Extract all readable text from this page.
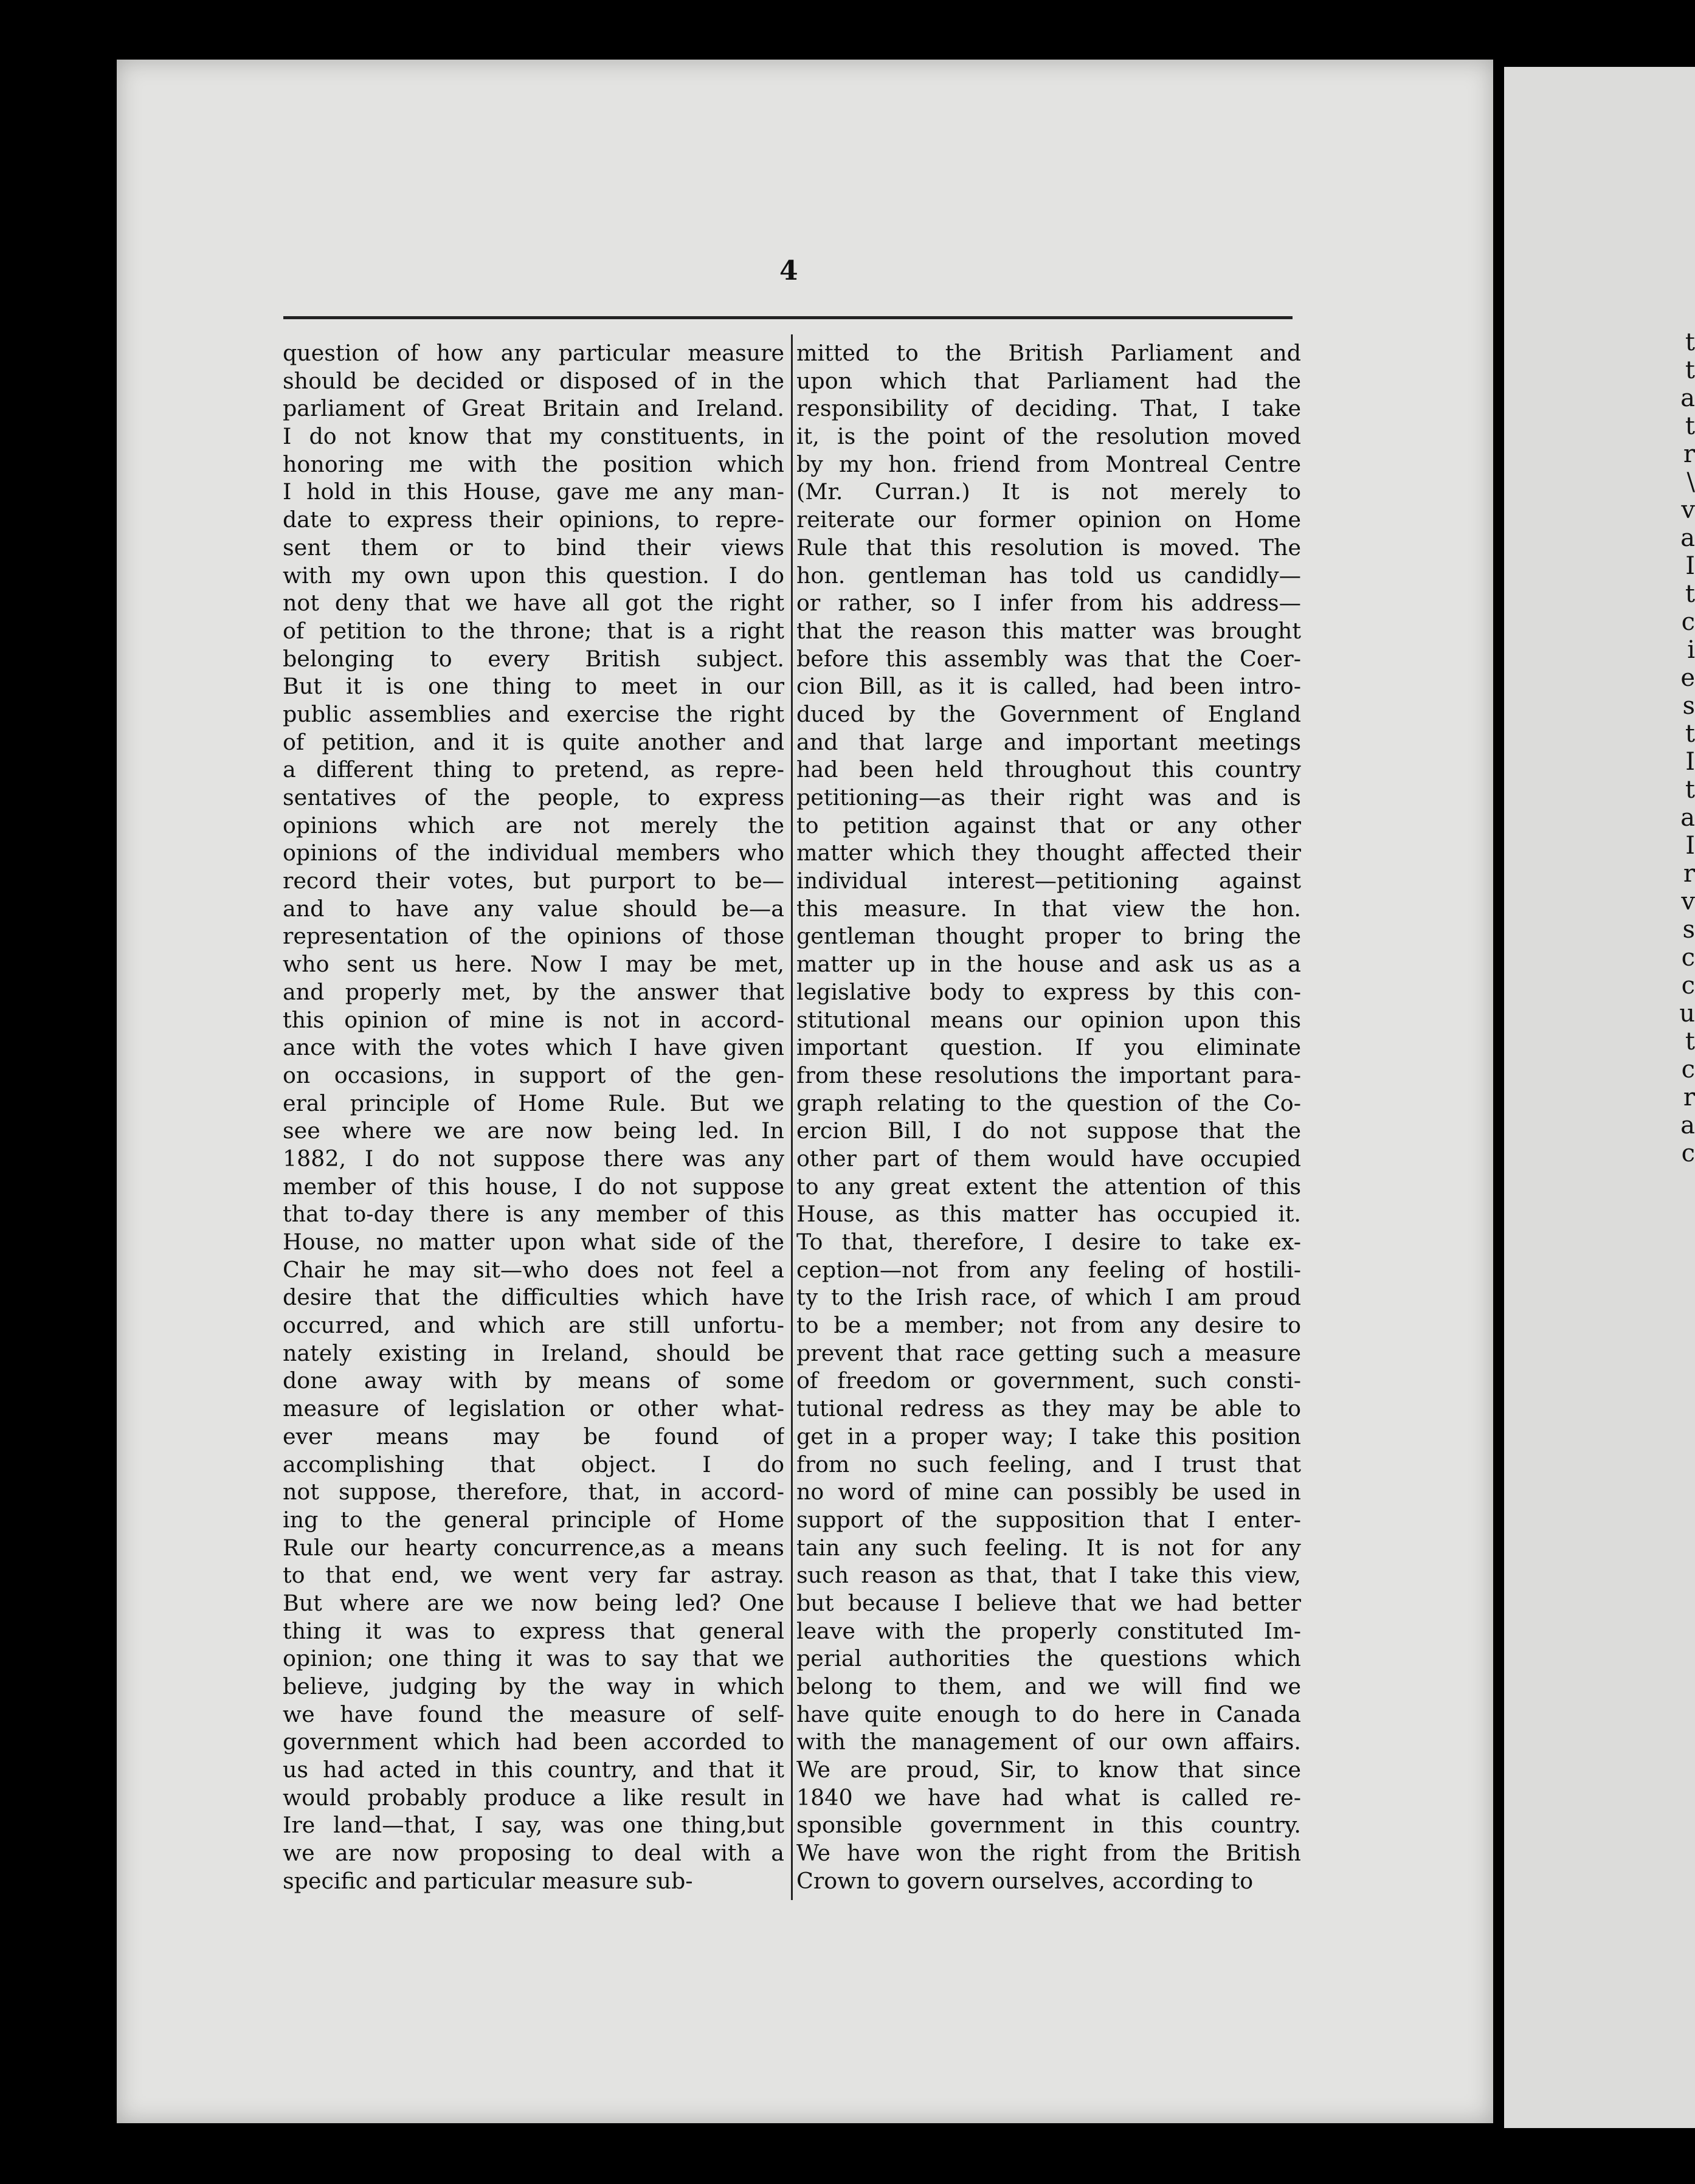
t
t
a
t
r
\
v
a
I
t
c
i
e
s
t
I
t
a
I
r
v
s
c
c
u
t
c
r
a
c
4
question of how any particular measure
should be decided or disposed of in the
parliament of Great Britain and Ireland.
I do not know that my constituents, in
honoring me with the position which
I hold in this House, gave me any man-
date to express their opinions, to repre-
sent them or to bind their views
with my own upon this question. I do
not deny that we have all got the right
of petition to the throne; that is a right
belonging to every British subject.
But it is one thing to meet in our
public assemblies and exercise the right
of petition, and it is quite another and
a different thing to pretend, as repre-
sentatives of the people, to express
opinions which are not merely the
opinions of the individual members who
record their votes, but purport to be—
and to have any value should be—a
representation of the opinions of those
who sent us here. Now I may be met,
and properly met, by the answer that
this opinion of mine is not in accord-
ance with the votes which I have given
on occasions, in support of the gen-
eral principle of Home Rule. But we
see where we are now being led. In
1882, I do not suppose there was any
member of this house, I do not suppose
that to-day there is any member of this
House, no matter upon what side of the
Chair he may sit—who does not feel a
desire that the difficulties which have
occurred, and which are still unfortu-
nately existing in Ireland, should be
done away with by means of some
measure of legislation or other what-
ever means may be found of
accomplishing that object. I do
not suppose, therefore, that, in accord-
ing to the general principle of Home
Rule our hearty concurrence,as a means
to that end, we went very far astray.
But where are we now being led? One
thing it was to express that general
opinion; one thing it was to say that we
believe, judging by the way in which
we have found the measure of self-
government which had been accorded to
us had acted in this country, and that it
would probably produce a like result in
Ire land—that, I say, was one thing,but
we are now proposing to deal with a
specific and particular measure sub-
mitted to the British Parliament and
upon which that Parliament had the
responsibility of deciding. That, I take
it, is the point of the resolution moved
by my hon. friend from Montreal Centre
(Mr. Curran.) It is not merely to
reiterate our former opinion on Home
Rule that this resolution is moved. The
hon. gentleman has told us candidly—
or rather, so I infer from his address—
that the reason this matter was brought
before this assembly was that the Coer-
cion Bill, as it is called, had been intro-
duced by the Government of England
and that large and important meetings
had been held throughout this country
petitioning—as their right was and is
to petition against that or any other
matter which they thought affected their
individual interest—petitioning against
this measure. In that view the hon.
gentleman thought proper to bring the
matter up in the house and ask us as a
legislative body to express by this con-
stitutional means our opinion upon this
important question. If you eliminate
from these resolutions the important para-
graph relating to the question of the Co-
ercion Bill, I do not suppose that the
other part of them would have occupied
to any great extent the attention of this
House, as this matter has occupied it.
To that, therefore, I desire to take ex-
ception—not from any feeling of hostili-
ty to the Irish race, of which I am proud
to be a member; not from any desire to
prevent that race getting such a measure
of freedom or government, such consti-
tutional redress as they may be able to
get in a proper way; I take this position
from no such feeling, and I trust that
no word of mine can possibly be used in
support of the supposition that I enter-
tain any such feeling. It is not for any
such reason as that, that I take this view,
but because I believe that we had better
leave with the properly constituted Im-
perial authorities the questions which
belong to them, and we will find we
have quite enough to do here in Canada
with the management of our own affairs.
We are proud, Sir, to know that since
1840 we have had what is called re-
sponsible government in this country.
We have won the right from the British
Crown to govern ourselves, according to
